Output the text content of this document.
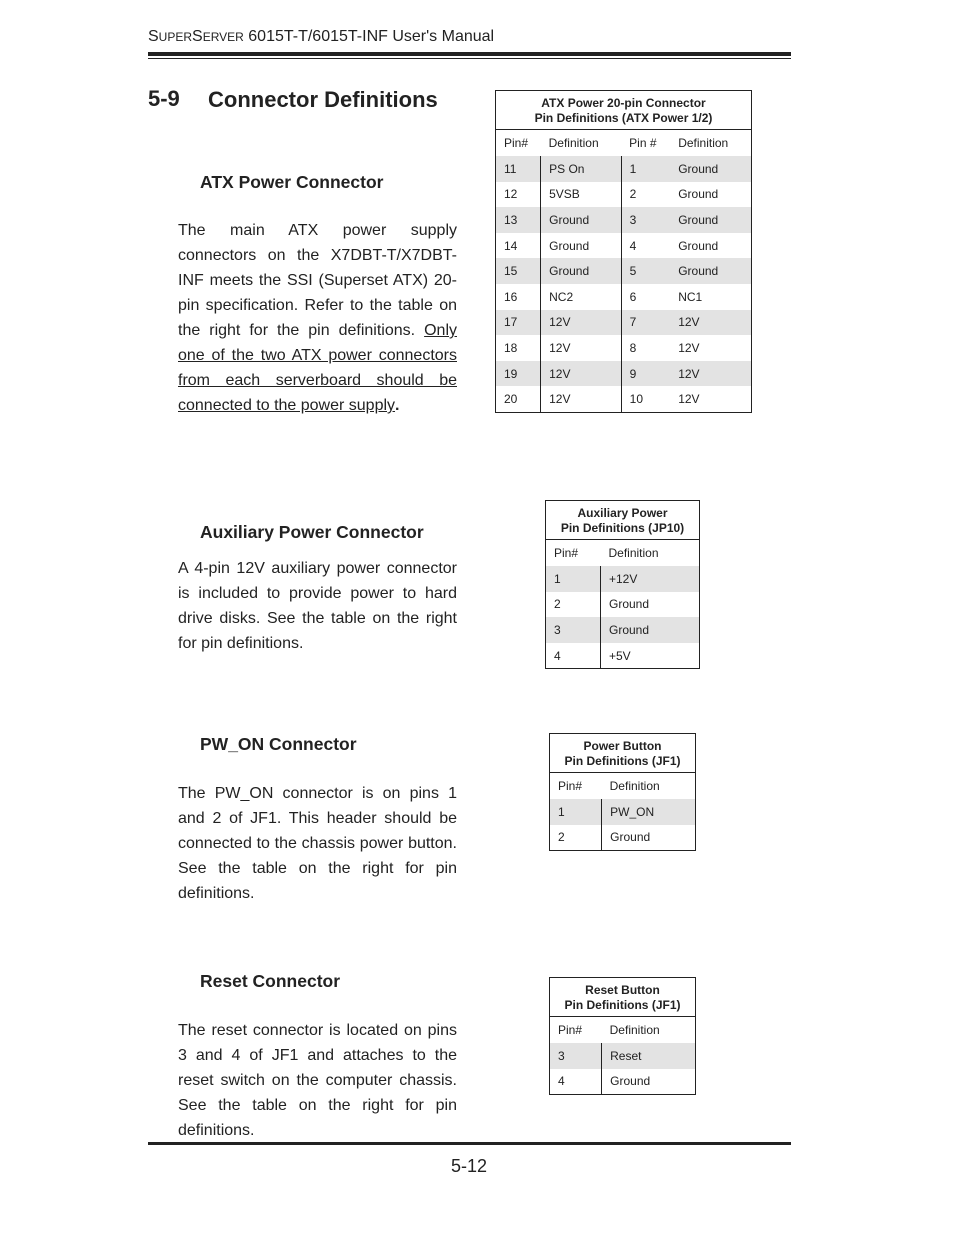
SUPERSERVER 6015T-T/6015T-INF User's Manual
5-9 Connector Definitions
ATX Power Connector
The main ATX power supply connectors on the X7DBT-T/X7DBT-INF meets the SSI (Superset ATX) 20-pin specification. Refer to the table on the right for the pin definitions. Only one of the two ATX power connectors from each serverboard should be connected to the power supply.
ATX Power 20-pin Connector
Pin Definitions (ATX Power 1/2)			
Pin#	Definition	Pin #	Definition
11	PS On	1	Ground
12	5VSB	2	Ground
13	Ground	3	Ground
14	Ground	4	Ground
15	Ground	5	Ground
16	NC2	6	NC1
17	12V	7	12V
18	12V	8	12V
19	12V	9	12V
20	12V	10	12V
Auxiliary Power Connector
A 4-pin 12V auxiliary power connector is included to provide power to hard drive disks. See the table on the right for pin definitions.
Auxiliary Power
Pin Definitions (JP10)	
Pin#	Definition
1	+12V
2	Ground
3	Ground
4	+5V
PW_ON Connector
The PW_ON connector is on pins 1 and 2 of JF1. This header should be connected to the chassis power button. See the table on the right for pin definitions.
Power Button
Pin Definitions (JF1)	
Pin#	Definition
1	PW_ON
2	Ground
Reset Connector
The reset connector is located on pins 3 and 4 of JF1 and attaches to the reset switch on the computer chassis. See the table on the right for pin definitions.
Reset Button
Pin Definitions (JF1)	
Pin#	Definition
3	Reset
4	Ground
5-12
